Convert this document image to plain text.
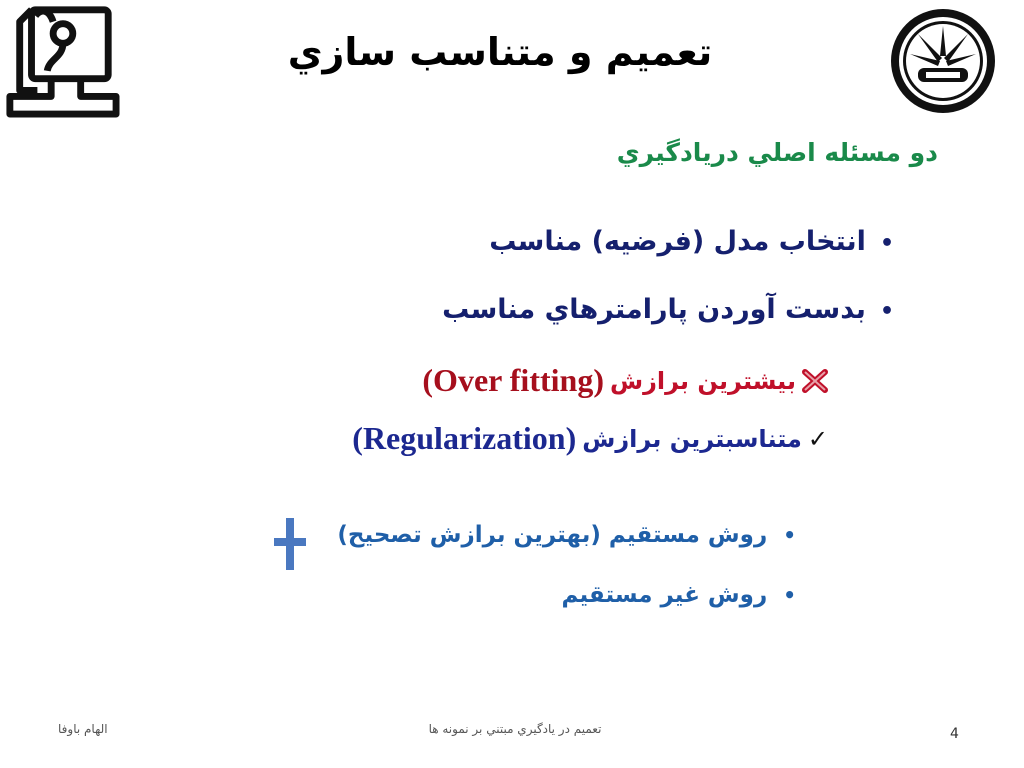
تعميم و متناسب سازي
دو مسئله اصلي دريادگيري
•
انتخاب مدل (فرضيه) مناسب
•
بدست آوردن پارامترهاي مناسب
بيشترين برازش
(Over fitting)
✓
متناسبترين برازش
(Regularization)
•
روش مستقيم (بهترين برازش تصحيح)
•
روش غير مستقيم
الهام باوفا	تعميم در يادگيري مبتني بر نمونه ها	4
